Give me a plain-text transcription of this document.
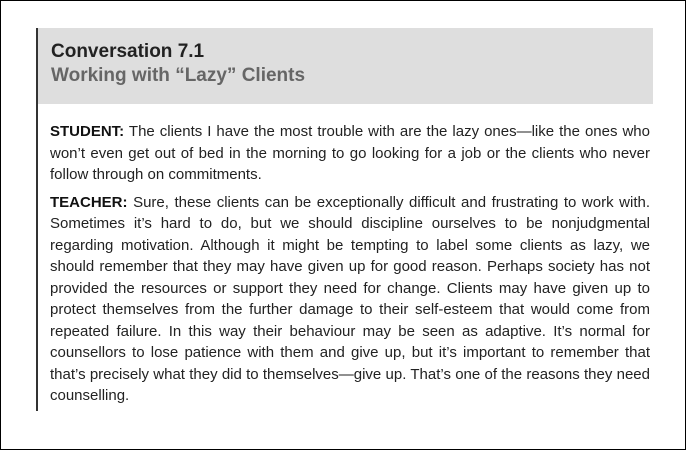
Conversation 7.1
Working with “Lazy” Clients

STUDENT: The clients I have the most trouble with are the lazy ones—like the ones who won’t even get out of bed in the morning to go looking for a job or the clients who never follow through on commitments.

TEACHER: Sure, these clients can be exceptionally difficult and frustrating to work with. Sometimes it’s hard to do, but we should discipline ourselves to be nonjudgmental regarding motivation. Although it might be tempting to label some clients as lazy, we should remember that they may have given up for good reason. Perhaps society has not provided the resources or support they need for change. Clients may have given up to protect themselves from the further damage to their self-esteem that would come from repeated failure. In this way their behaviour may be seen as adaptive. It’s normal for counsellors to lose patience with them and give up, but it’s important to remember that that’s precisely what they did to themselves—give up. That’s one of the reasons they need counselling.
